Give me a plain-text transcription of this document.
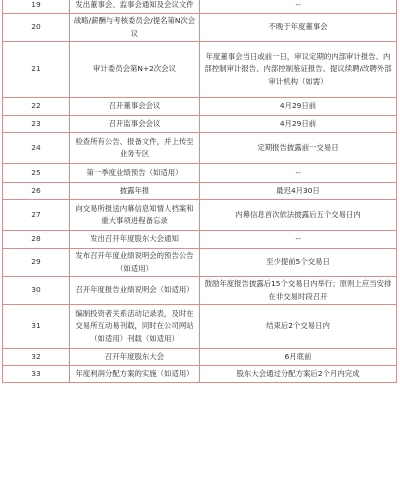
19	发出董事会、监事会通知及会议文件	--
20	战略/薪酬与考核委员会/提名第N次会议	不晚于年度董事会
21	审计委员会第N+2次会议	年度董事会当日或前一日，审议定期的内部审计报告、内部控制审计报告、内部控制鉴证报告、提议续聘/改聘外部审计机构（如需）
22	召开董事会会议	4月29日前
23	召开监事会会议	4月29日前
24	检查所有公告、报备文件，并上传至业务专区	定期报告披露前一交易日
25	第一季度业绩预告（如适用）	--
26	披露年报	最迟4月30日
27	向交易所报送内幕信息知情人档案和重大事项进程备忘录	内幕信息首次依法披露后五个交易日内
28	发出召开年度股东大会通知	--
29	发布召开年度业绩说明会的预告公告（如适用）	至少提前5个交易日
30	召开年度报告业绩说明会（如适用）	鼓励年度报告披露后15个交易日内举行；原则上应当安排在非交易时段召开
31	编制投资者关系活动记录表，及时在交易所互动易刊载，同时在公司网站（如适用）刊载（如适用）	结束后2个交易日内
32	召开年度股东大会	6月底前
33	年度利润分配方案的实施（如适用）	股东大会通过分配方案后2个月内完成
